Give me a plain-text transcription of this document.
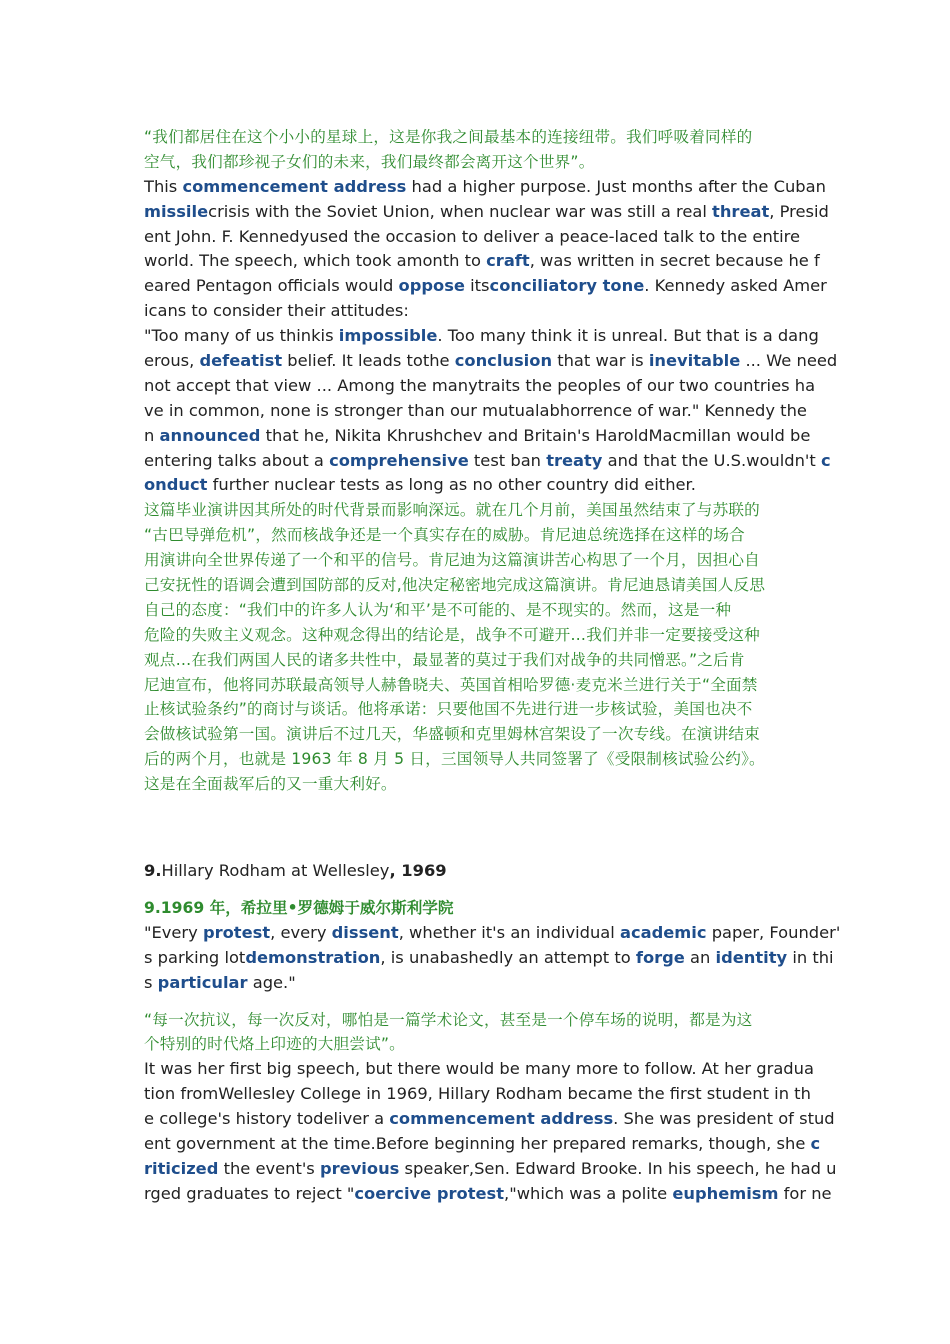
“我们都居住在这个小小的星球上，这是你我之间最基本的连接纽带。我们呼吸着同样的
空气，我们都珍视子女们的未来，我们最终都会离开这个世界”。
This commencement address had a higher purpose. Just months after the Cuban
missilecrisis with the Soviet Union, when nuclear war was still a real threat, Presid
ent John. F. Kennedyused the occasion to deliver a peace-laced talk to the entire
world. The speech, which took amonth to craft, was written in secret because he f
eared Pentagon officials would oppose itsconciliatory tone. Kennedy asked Amer
icans to consider their attitudes:
"Too many of us thinkis impossible. Too many think it is unreal. But that is a dang
erous, defeatist belief. It leads tothe conclusion that war is inevitable ... We need
not accept that view ... Among the manytraits the peoples of our two countries ha
ve in common, none is stronger than our mutualabhorrence of war." Kennedy the
n announced that he, Nikita Khrushchev and Britain's HaroldMacmillan would be
entering talks about a comprehensive test ban treaty and that the U.S.wouldn't c
onduct further nuclear tests as long as no other country did either.
这篇毕业演讲因其所处的时代背景而影响深远。就在几个月前，美国虽然结束了与苏联的
“古巴导弹危机”，然而核战争还是一个真实存在的威胁。肯尼迪总统选择在这样的场合
用演讲向全世界传递了一个和平的信号。肯尼迪为这篇演讲苦心构思了一个月，因担心自
己安抚性的语调会遭到国防部的反对,他决定秘密地完成这篇演讲。肯尼迪恳请美国人反思
自己的态度：“我们中的许多人认为‘和平’是不可能的、是不现实的。然而，这是一种
危险的失败主义观念。这种观念得出的结论是，战争不可避开…我们并非一定要接受这种
观点…在我们两国人民的诸多共性中，最显著的莫过于我们对战争的共同憎恶。”之后肯
尼迪宣布，他将同苏联最高领导人赫鲁晓夫、英国首相哈罗德·麦克米兰进行关于“全面禁
止核试验条约”的商讨与谈话。他将承诺：只要他国不先进行进一步核试验，美国也决不
会做核试验第一国。演讲后不过几天，华盛顿和克里姆林宫架设了一次专线。在演讲结束
后的两个月，也就是 1963 年 8 月 5 日，三国领导人共同签署了《受限制核试验公约》。
这是在全面裁军后的又一重大利好。
9.Hillary Rodham at Wellesley, 1969
9.1969 年，希拉里•罗德姆于威尔斯利学院
"Every protest, every dissent, whether it's an individual academic paper, Founder'
s parking lotdemonstration, is unabashedly an attempt to forge an identity in thi
s particular age."
“每一次抗议，每一次反对，哪怕是一篇学术论文，甚至是一个停车场的说明，都是为这
个特别的时代烙上印迹的大胆尝试”。
It was her first big speech, but there would be many more to follow. At her gradua
tion fromWellesley College in 1969, Hillary Rodham became the first student in th
e college's history todeliver a commencement address. She was president of stud
ent government at the time.Before beginning her prepared remarks, though, she c
riticized the event's previous speaker,Sen. Edward Brooke. In his speech, he had u
rged graduates to reject "coercive protest,"which was a polite euphemism for ne
